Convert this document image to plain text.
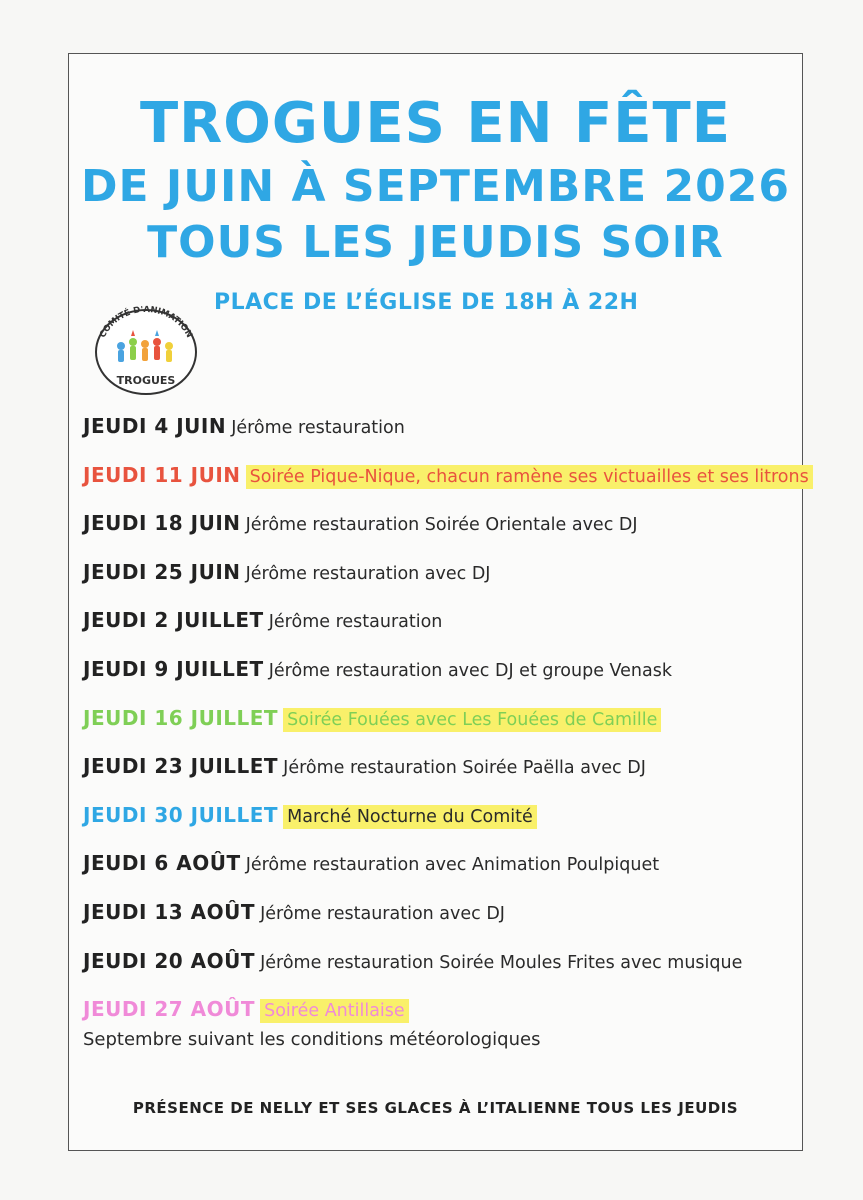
TROGUES EN FÊTE
DE JUIN À SEPTEMBRE 2026
TOUS LES JEUDIS SOIR
COMITÉ D'ANIMATION
TROGUES
PLACE DE L’ÉGLISE DE 18H À 22H
JEUDI 4 JUIN Jérôme restauration
JEUDI 11 JUIN Soirée Pique-Nique, chacun ramène ses victuailles et ses litrons
JEUDI 18 JUIN Jérôme restauration Soirée Orientale avec DJ
JEUDI 25 JUIN Jérôme restauration avec DJ
JEUDI 2 JUILLET Jérôme restauration
JEUDI 9 JUILLET Jérôme restauration avec DJ et groupe Venask
JEUDI 16 JUILLET Soirée Fouées avec Les Fouées de Camille
JEUDI 23 JUILLET Jérôme restauration Soirée Paëlla avec DJ
JEUDI 30 JUILLET Marché Nocturne du Comité
JEUDI 6 AOÛT Jérôme restauration avec Animation Poulpiquet
JEUDI 13 AOÛT Jérôme restauration avec DJ
JEUDI 20 AOÛT Jérôme restauration Soirée Moules Frites avec musique
JEUDI 27 AOÛT Soirée Antillaise
Septembre suivant les conditions météorologiques
PRÉSENCE DE NELLY ET SES GLACES À L’ITALIENNE TOUS LES JEUDIS
